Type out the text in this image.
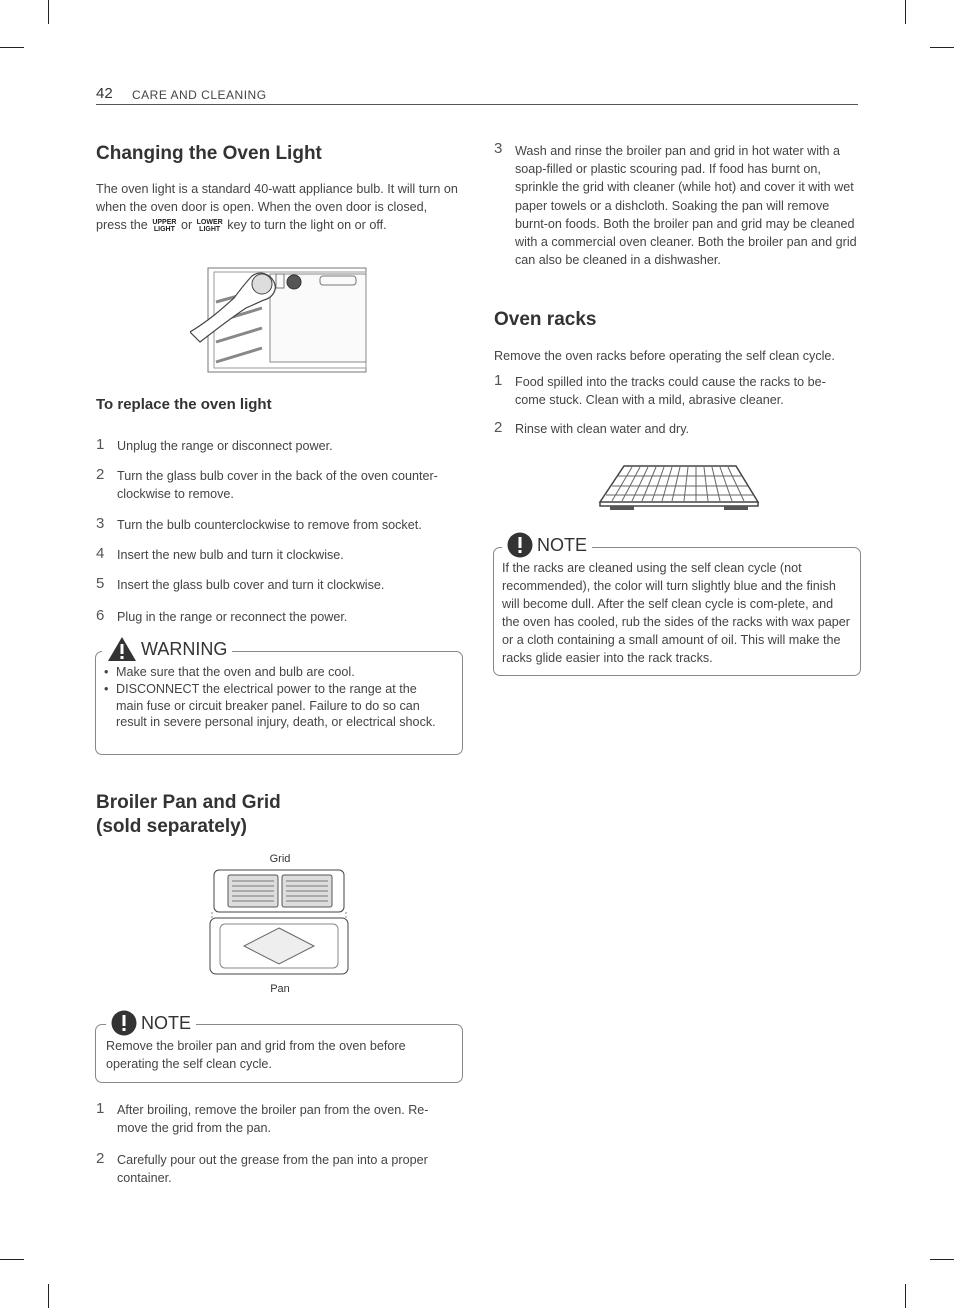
42 CARE AND CLEANING
Changing the Oven Light
The oven light is a standard 40-watt appliance bulb. It will turn on when the oven door is open. When the oven door is closed, press the UPPER
LIGHT or LOWER
LIGHT key to turn the light on or off.
To replace the oven light
1 Unplug the range or disconnect power.
2 Turn the glass bulb cover in the back of the oven counter-clockwise to remove.
3 Turn the bulb counterclockwise to remove from socket.
4 Insert the new bulb and turn it clockwise.
5 Insert the glass bulb cover and turn it clockwise.
6 Plug in the range or reconnect the power.
WARNING
• Make sure that the oven and bulb are cool.
• DISCONNECT the electrical power to the range at the main fuse or circuit breaker panel. Failure to do so can result in severe personal injury, death, or electrical shock.
Broiler Pan and Grid
(sold separately)
Grid
Pan
NOTE
Remove the broiler pan and grid from the oven before operating the self clean cycle.
1 After broiling, remove the broiler pan from the oven. Re-move the grid from the pan.
2 Carefully pour out the grease from the pan into a proper container.
3 Wash and rinse the broiler pan and grid in hot water with a soap-filled or plastic scouring pad. If food has burnt on, sprinkle the grid with cleaner (while hot) and cover it with wet paper towels or a dishcloth. Soaking the pan will remove burnt-on foods. Both the broiler pan and grid may be cleaned with a commercial oven cleaner. Both the broiler pan and grid can also be cleaned in a dishwasher.
Oven racks
Remove the oven racks before operating the self clean cycle.
1 Food spilled into the tracks could cause the racks to be-come stuck. Clean with a mild, abrasive cleaner.
2 Rinse with clean water and dry.
NOTE
If the racks are cleaned using the self clean cycle (not recommended), the color will turn slightly blue and the finish will become dull. After the self clean cycle is com-plete, and the oven has cooled, rub the sides of the racks with wax paper or a cloth containing a small amount of oil. This will make the racks glide easier into the rack tracks.
